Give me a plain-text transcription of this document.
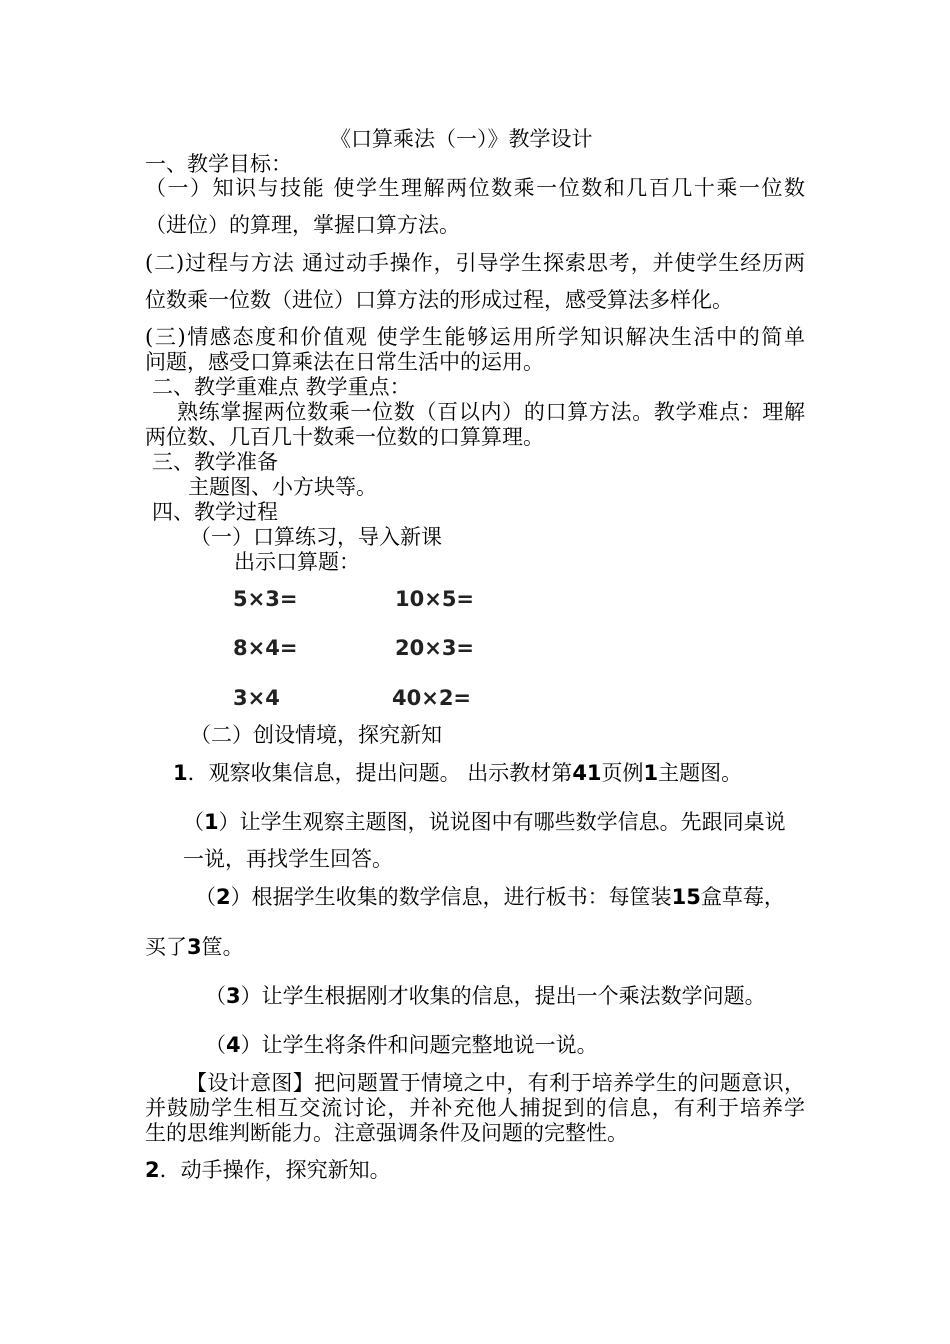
《口算乘法（一）》教学设计
一、教学目标：
（一）知识与技能 使学生理解两位数乘一位数和几百几十乘一位数
（进位）的算理，掌握口算方法。
(二)过程与方法 通过动手操作，引导学生探索思考，并使学生经历两
位数乘一位数（进位）口算方法的形成过程，感受算法多样化。
(三)情感态度和价值观 使学生能够运用所学知识解决生活中的简单
问题，感受口算乘法在日常生活中的运用。
二、教学重难点 教学重点：
熟练掌握两位数乘一位数（百以内）的口算方法。教学难点：理解
两位数、几百几十数乘一位数的口算算理。
三、教学准备
主题图、小方块等。
四、教学过程
（一）口算练习，导入新课
出示口算题：
5×3=	10×5=
8×4=	20×3=
3×4	40×2=
（二）创设情境，探究新知
1．观察收集信息，提出问题。 出示教材第41页例1主题图。
（1）让学生观察主题图，说说图中有哪些数学信息。先跟同桌说
一说，再找学生回答。
（2）根据学生收集的数学信息，进行板书：每筐装15盒草莓，
买了3筐。
（3）让学生根据刚才收集的信息，提出一个乘法数学问题。
（4）让学生将条件和问题完整地说一说。
【设计意图】把问题置于情境之中，有利于培养学生的问题意识，
并鼓励学生相互交流讨论，并补充他人捕捉到的信息，有利于培养学
生的思维判断能力。注意强调条件及问题的完整性。
2．动手操作，探究新知。
